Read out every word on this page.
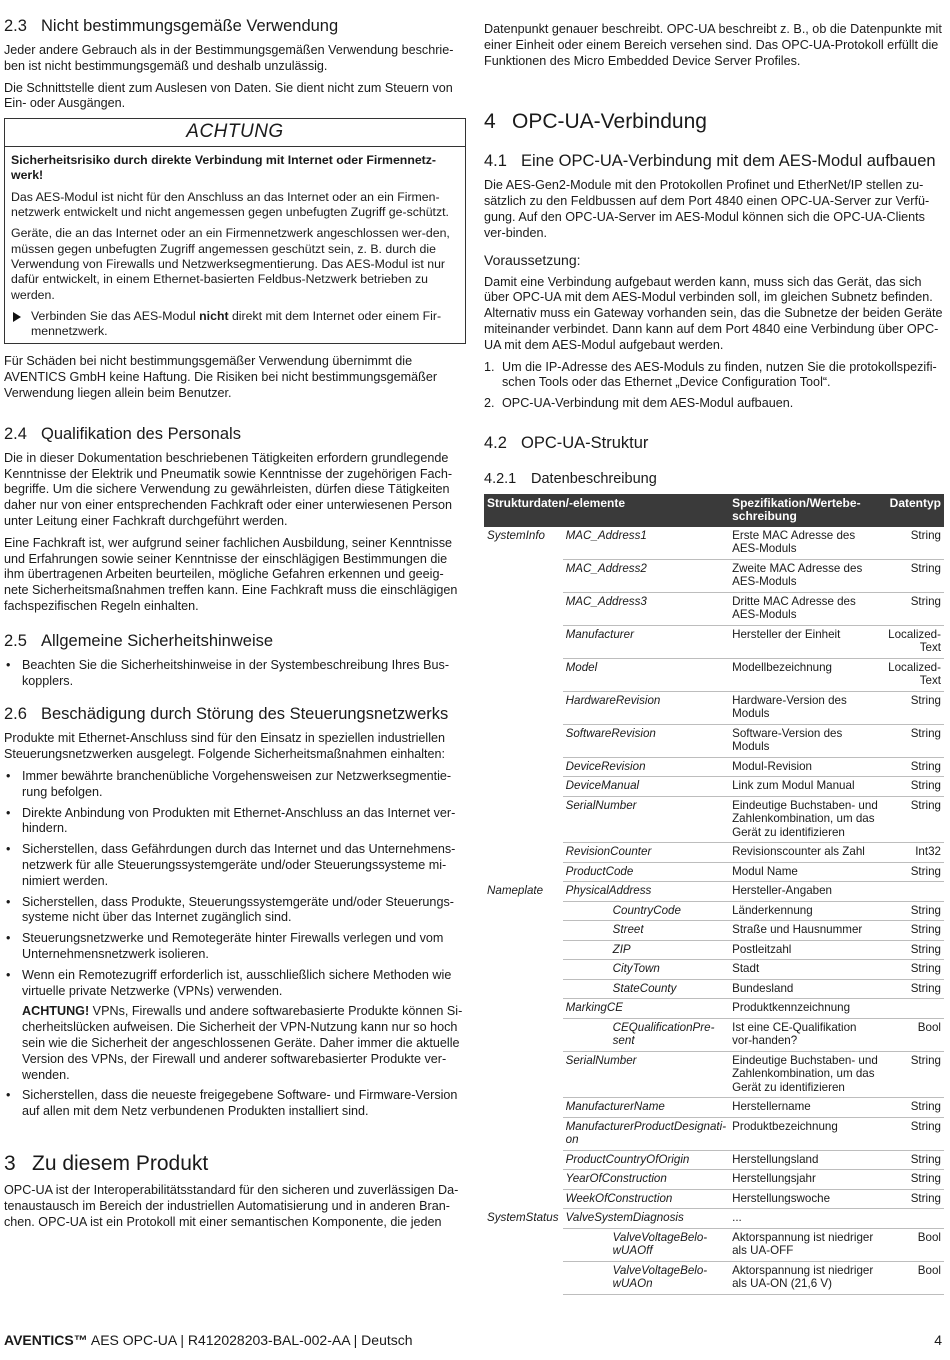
2.3 Nicht bestimmungsgemäße Verwendung

Jeder andere Gebrauch als in der Bestimmungsgemäßen Verwendung beschrie-ben ist nicht bestimmungsgemäß und deshalb unzulässig.

Die Schnittstelle dient zum Auslesen von Daten. Sie dient nicht zum Steuern von Ein- oder Ausgängen.

ACHTUNG

Sicherheitsrisiko durch direkte Verbindung mit Internet oder Firmennetz-werk!

Das AES-Modul ist nicht für den Anschluss an das Internet oder an ein Firmen-netzwerk entwickelt und nicht angemessen gegen unbefugten Zugriff ge-schützt.

Geräte, die an das Internet oder an ein Firmennetzwerk angeschlossen wer-den, müssen gegen unbefugten Zugriff angemessen geschützt sein, z. B. durch die Verwendung von Firewalls und Netzwerksegmentierung. Das AES-Modul ist nur dafür entwickelt, in einem Ethernet-basierten Feldbus-Netzwerk betrieben zu werden.

Verbinden Sie das AES-Modul nicht direkt mit dem Internet oder einem Fir-mennetzwerk.

Für Schäden bei nicht bestimmungsgemäßer Verwendung übernimmt die AVENTICS GmbH keine Haftung. Die Risiken bei nicht bestimmungsgemäßer Verwendung liegen allein beim Benutzer.

2.4 Qualifikation des Personals

Die in dieser Dokumentation beschriebenen Tätigkeiten erfordern grundlegende Kenntnisse der Elektrik und Pneumatik sowie Kenntnisse der zugehörigen Fach-begriffe. Um die sichere Verwendung zu gewährleisten, dürfen diese Tätigkeiten daher nur von einer entsprechenden Fachkraft oder einer unterwiesenen Person unter Leitung einer Fachkraft durchgeführt werden.

Eine Fachkraft ist, wer aufgrund seiner fachlichen Ausbildung, seiner Kenntnisse und Erfahrungen sowie seiner Kenntnisse der einschlägigen Bestimmungen die ihm übertragenen Arbeiten beurteilen, mögliche Gefahren erkennen und geeig-nete Sicherheitsmaßnahmen treffen kann. Eine Fachkraft muss die einschlägigen fachspezifischen Regeln einhalten.

2.5 Allgemeine Sicherheitshinweise
• Beachten Sie die Sicherheitshinweise in der Systembeschreibung Ihres Bus-kopplers.
2.6 Beschädigung durch Störung des Steuerungsnetzwerks

Produkte mit Ethernet-Anschluss sind für den Einsatz in speziellen industriellen Steuerungsnetzwerken ausgelegt. Folgende Sicherheitsmaßnahmen einhalten:

• Immer bewährte branchenübliche Vorgehensweisen zur Netzwerksegmentie-rung befolgen.
• Direkte Anbindung von Produkten mit Ethernet-Anschluss an das Internet ver-hindern.
• Sicherstellen, dass Gefährdungen durch das Internet und das Unternehmens-netzwerk für alle Steuerungssystemgeräte und/oder Steuerungssysteme mi-nimiert werden.
• Sicherstellen, dass Produkte, Steuerungssystemgeräte und/oder Steuerungs-systeme nicht über das Internet zugänglich sind.
• Steuerungsnetzwerke und Remotegeräte hinter Firewalls verlegen und vom Unternehmensnetzwerk isolieren.
• Wenn ein Remotezugriff erforderlich ist, ausschließlich sichere Methoden wie virtuelle private Netzwerke (VPNs) verwenden.
ACHTUNG! VPNs, Firewalls und andere softwarebasierte Produkte können Si-cherheitslücken aufweisen. Die Sicherheit der VPN-Nutzung kann nur so hoch sein wie die Sicherheit der angeschlossenen Geräte. Daher immer die aktuelle Version des VPNs, der Firewall und anderer softwarebasierter Produkte ver-wenden.
• Sicherstellen, dass die neueste freigegebene Software- und Firmware-Version auf allen mit dem Netz verbundenen Produkten installiert sind.
3 Zu diesem Produkt

OPC-UA ist der Interoperabilitätsstandard für den sicheren und zuverlässigen Da-tenaustausch im Bereich der industriellen Automatisierung und in anderen Bran-chen. OPC-UA ist ein Protokoll mit einer semantischen Komponente, die jeden

Datenpunkt genauer beschreibt. OPC-UA beschreibt z. B., ob die Datenpunkte mit einer Einheit oder einem Bereich versehen sind. Das OPC-UA-Protokoll erfüllt die Funktionen des Micro Embedded Device Server Profiles.

4 OPC-UA-Verbindung
4.1 Eine OPC-UA-Verbindung mit dem AES-Modul aufbauen

Die AES-Gen2-Module mit den Protokollen Profinet und EtherNet/IP stellen zu-sätzlich zu den Feldbussen auf dem Port 4840 einen OPC-UA-Server zur Verfü-gung. Auf den OPC-UA-Server im AES-Modul können sich die OPC-UA-Clients ver-binden.

Voraussetzung:

Damit eine Verbindung aufgebaut werden kann, muss sich das Gerät, das sich über OPC-UA mit dem AES-Modul verbinden soll, im gleichen Subnetz befinden. Alternativ muss ein Gateway vorhanden sein, das die Subnetze der beiden Geräte miteinander verbindet. Dann kann auf dem Port 4840 eine Verbindung über OPC-UA mit dem AES-Modul aufgebaut werden.

1. Um die IP-Adresse des AES-Moduls zu finden, nutzen Sie die protokollspezifi-schen Tools oder das Ethernet „Device Configuration Tool“.
2. OPC-UA-Verbindung mit dem AES-Modul aufbauen.
4.2 OPC-UA-Struktur
4.2.1 Datenbeschreibung
Strukturdaten/-elemente		Spezifikation/Wertebe-schreibung	Datentyp
SystemInfo	MAC_Address1	Erste MAC Adresse des AES-Moduls	String
	MAC_Address2	Zweite MAC Adresse des AES-Moduls	String
	MAC_Address3	Dritte MAC Adresse des AES-Moduls	String
	Manufacturer	Hersteller der Einheit	Localized-Text
	Model	Modellbezeichnung	Localized-Text
	HardwareRevision	Hardware-Version des Moduls	String
	SoftwareRevision	Software-Version des Moduls	String
	DeviceRevision	Modul-Revision	String
	DeviceManual	Link zum Modul Manual	String
	SerialNumber	Eindeutige Buchstaben- und Zahlenkombination, um das Gerät zu identifizieren	String
	RevisionCounter	Revisionscounter als Zahl	Int32
	ProductCode	Modul Name	String
Nameplate	PhysicalAddress	Hersteller-Angaben	
	CountryCode	Länderkennung	String
	Street	Straße und Hausnummer	String
	ZIP	Postleitzahl	String
	CityTown	Stadt	String
	StateCounty	Bundesland	String
	MarkingCE	Produktkennzeichnung	
	CEQualificationPre-sent	Ist eine CE-Qualifikation vor-handen?	Bool
	SerialNumber	Eindeutige Buchstaben- und Zahlenkombination, um das Gerät zu identifizieren	String
	ManufacturerName	Herstellername	String
	ManufacturerProductDesignati-on	Produktbezeichnung	String
	ProductCountryOfOrigin	Herstellungsland	String
	YearOfConstruction	Herstellungsjahr	String
	WeekOfConstruction	Herstellungswoche	String
SystemStatus	ValveSystemDiagnosis	...	
	ValveVoltageBelo-wUAOff	Aktorspannung ist niedriger als UA-OFF	Bool
	ValveVoltageBelo-wUAOn	Aktorspannung ist niedriger als UA-ON (21,6 V)	Bool
AVENTICS™ AES OPC-UA | R412028203-BAL-002-AA | Deutsch	4
